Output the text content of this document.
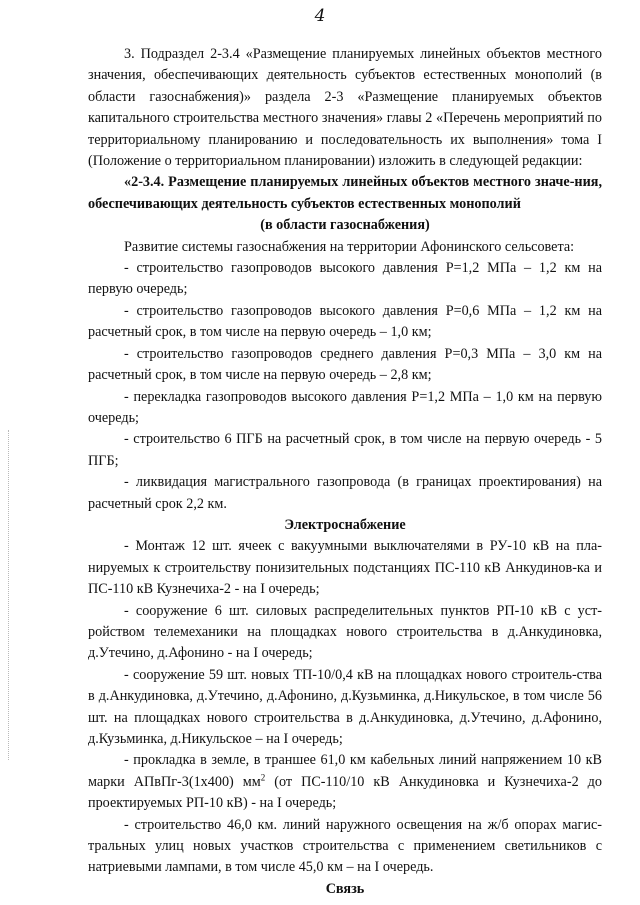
4

3. Подраздел 2-3.4 «Размещение планируемых линейных объектов местного значения, обеспечивающих деятельность субъектов естественных монополий (в области газоснабжения)» раздела 2-3 «Размещение планируемых объектов капитального строительства местного значения» главы 2 «Перечень мероприятий по территориальному планированию и последовательность их выполнения» тома I (Положение о территориальном планировании) изложить в следующей редакции:

«2-3.4. Размещение планируемых линейных объектов местного значе-ния, обеспечивающих деятельность субъектов естественных монополий

(в области газоснабжения)

Развитие системы газоснабжения на территории Афонинского сельсовета:

- строительство газопроводов высокого давления Р=1,2 МПа – 1,2 км на первую очередь;

- строительство газопроводов высокого давления Р=0,6 МПа – 1,2 км на расчетный срок, в том числе на первую очередь – 1,0 км;

- строительство газопроводов среднего давления Р=0,3 МПа – 3,0 км на расчетный срок, в том числе на первую очередь – 2,8 км;

- перекладка газопроводов высокого давления Р=1,2 МПа – 1,0 км на первую очередь;

- строительство 6 ПГБ на расчетный срок, в том числе на первую очередь - 5 ПГБ;

- ликвидация магистрального газопровода (в границах проектирования) на расчетный срок 2,2 км.

Электроснабжение

- Монтаж 12 шт. ячеек с вакуумными выключателями в РУ-10 кВ на пла-нируемых к строительству понизительных подстанциях ПС-110 кВ Анкудинов-ка и ПС-110 кВ Кузнечиха-2 - на I очередь;

- сооружение 6 шт. силовых распределительных пунктов РП-10 кВ с уст-ройством телемеханики на площадках нового строительства в д.Анкудиновка, д.Утечино, д.Афонино - на I очередь;

- сооружение 59 шт. новых ТП-10/0,4 кВ на площадках нового строитель-ства в д.Анкудиновка, д.Утечино, д.Афонино, д.Кузьминка, д.Никульское, в том числе 56 шт. на площадках нового строительства в д.Анкудиновка, д.Утечино, д.Афонино, д.Кузьминка, д.Никульское – на I очередь;

- прокладка в земле, в траншее 61,0 км кабельных линий напряжением 10 кВ марки АПвПг-3(1х400) $мм^2$ (от ПС-110/10 кВ Анкудиновка и Кузнечиха-2 до проектируемых РП-10 кВ) - на I очередь;

- строительство 46,0 км. линий наружного освещения на ж/б опорах магис-тральных улиц новых участков строительства с применением светильников с натриевыми лампами, в том числе 45,0 км – на I очередь.

Связь
